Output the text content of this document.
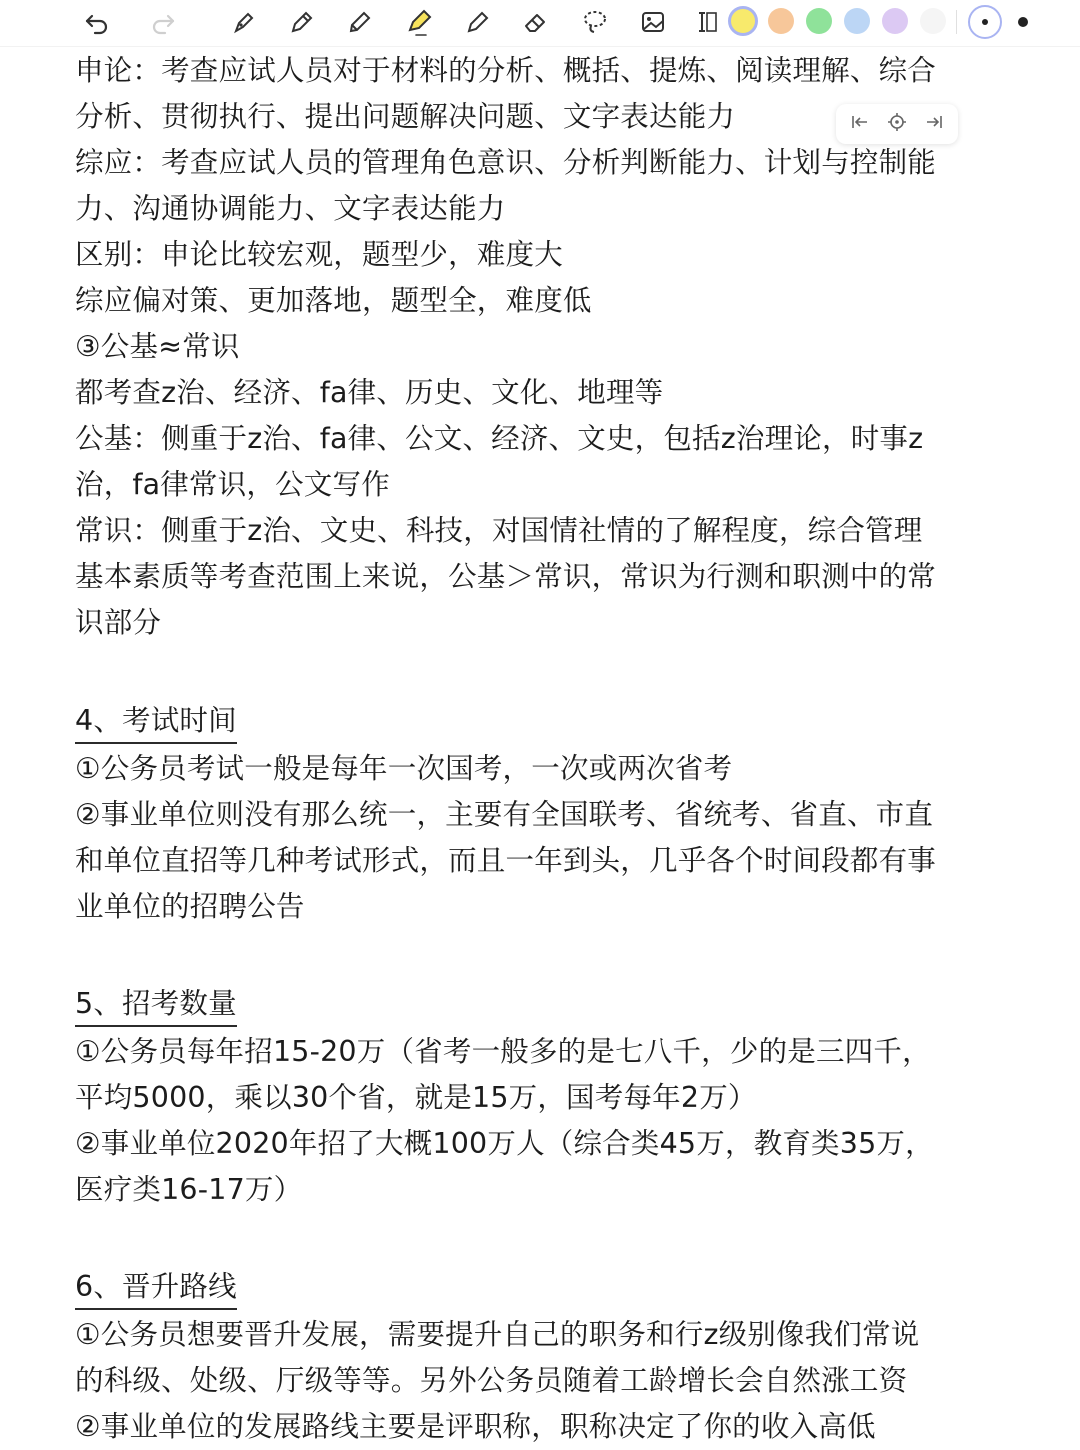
申论：考查应试人员对于材料的分析、概括、提炼、阅读理解、综合
分析、贯彻执行、提出问题解决问题、文字表达能力
综应：考查应试人员的管理角色意识、分析判断能力、计划与控制能
力、沟通协调能力、文字表达能力
区别：申论比较宏观，题型少，难度大
综应偏对策、更加落地，题型全，难度低
③公基≈常识
都考查z治、经济、fa律、历史、文化、地理等
公基：侧重于z治、fa律、公文、经济、文史，包括z治理论，时事z
治，fa律常识，公文写作
常识：侧重于z治、文史、科技，对国情社情的了解程度，综合管理
基本素质等考查范围上来说，公基＞常识，常识为行测和职测中的常
识部分
4、考试时间
①公务员考试一般是每年一次国考，一次或两次省考
②事业单位则没有那么统一，主要有全国联考、省统考、省直、市直
和单位直招等几种考试形式，而且一年到头，几乎各个时间段都有事
业单位的招聘公告
5、招考数量
①公务员每年招15-20万（省考一般多的是七八千，少的是三四千，
平均5000，乘以30个省，就是15万，国考每年2万）
②事业单位2020年招了大概100万人（综合类45万，教育类35万，
医疗类16-17万）
6、晋升路线
①公务员想要晋升发展，需要提升自己的职务和行z级别像我们常说
的科级、处级、厅级等等。另外公务员随着工龄增长会自然涨工资
②事业单位的发展路线主要是评职称，职称决定了你的收入高低
